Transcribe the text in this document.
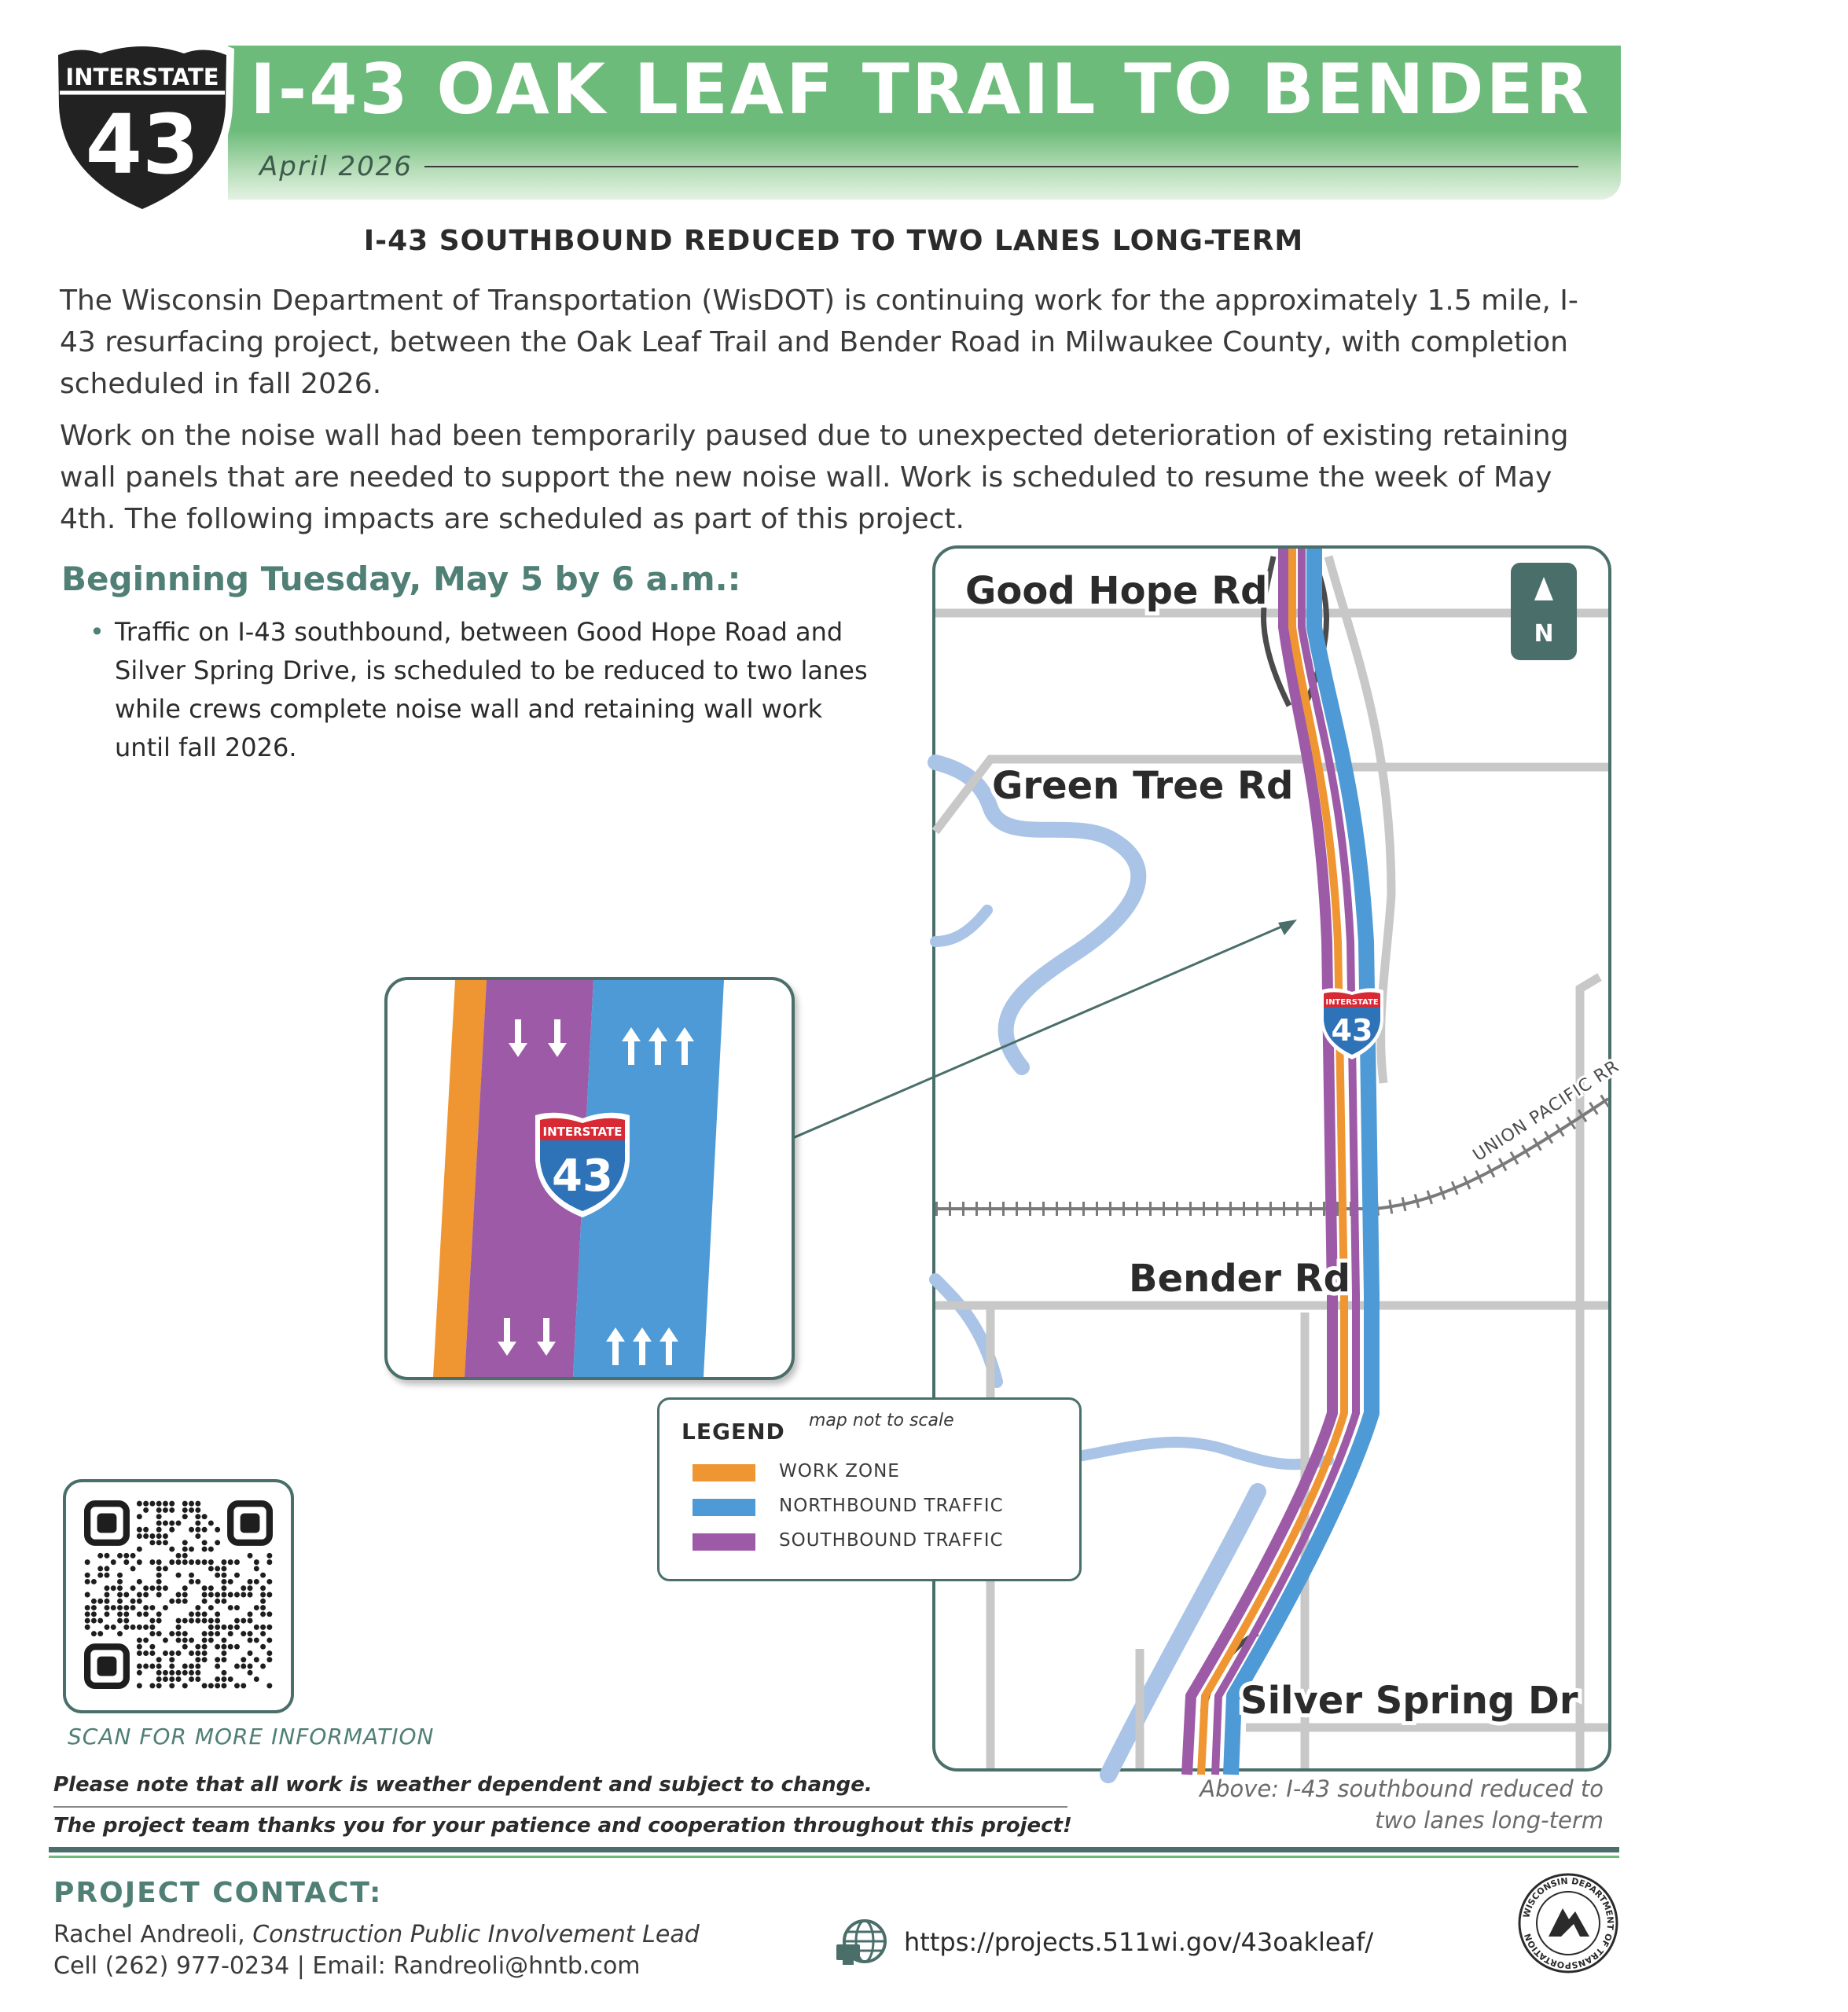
I-43 OAK LEAF TRAIL TO BENDER ROAD
April 2026
INTERSTATE
43
I-43 SOUTHBOUND REDUCED TO TWO LANES LONG-TERM
The Wisconsin Department of Transportation (WisDOT) is continuing work for the approximately 1.5 mile, I-43 resurfacing project, between the Oak Leaf Trail and Bender Road in Milwaukee County, with completion scheduled in fall 2026.
Work on the noise wall had been temporarily paused due to unexpected deterioration of existing retaining wall panels that are needed to support the new noise wall. Work is scheduled to resume the week of May 4th. The following impacts are scheduled as part of this project.
Beginning Tuesday, May 5 by 6 a.m.:
• Traffic on I-43 southbound, between Good Hope Road and Silver Spring Drive, is scheduled to be reduced to two lanes while crews complete noise wall and retaining wall work until fall 2026.
INTERSTATE
43
Good Hope Rd
Green Tree Rd
Bender Rd
Silver Spring Dr
UNION PACIFIC RR
N
INTERSTATE
43
LEGEND map not to scale
WORK ZONE
NORTHBOUND TRAFFIC
SOUTHBOUND TRAFFIC
SCAN FOR MORE INFORMATION
Please note that all work is weather dependent and subject to change.
The project team thanks you for your patience and cooperation throughout this project!
Above: I-43 southbound reduced to
two lanes long-term
PROJECT CONTACT:
Rachel Andreoli, Construction Public Involvement Lead
Cell (262) 977-0234 | Email: Randreoli@hntb.com
https://projects.511wi.gov/43oakleaf/
WISCONSIN DEPARTMENT OF TRANSPORTATION
